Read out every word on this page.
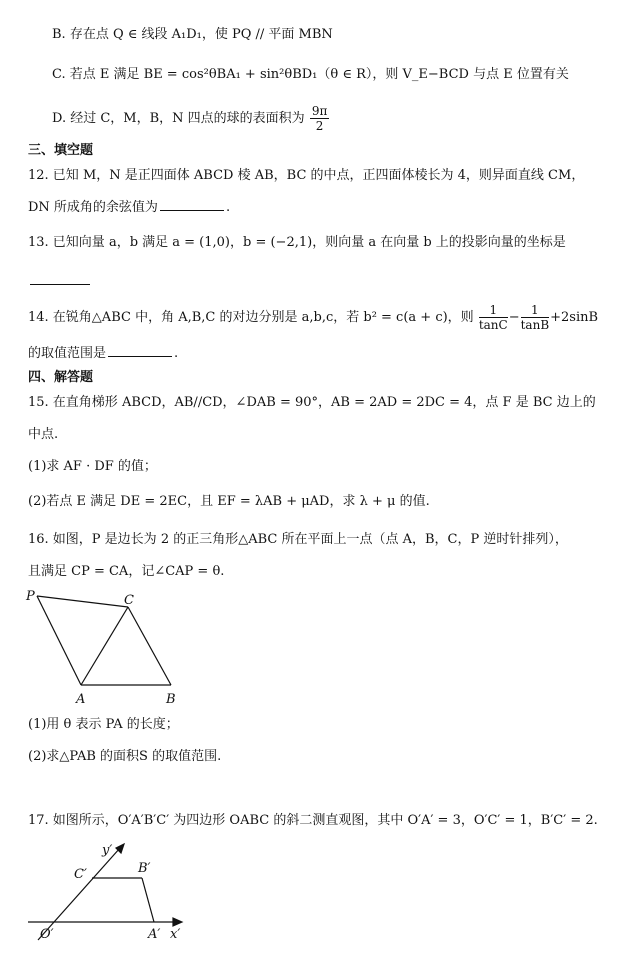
B. 存在点 Q ∈ 线段 A₁D₁，使 PQ // 平面 MBN
C. 若点 E 满足 BE = cos²θBA₁ + sin²θBD₁（θ ∈ R），则 V_E−BCD 与点 E 位置有关
D. 经过 C，M，B，N 四点的球的表面积为 $\frac{9\pi}{2}$
三、填空题
12. 已知 M，N 是正四面体 ABCD 棱 AB，BC 的中点，正四面体棱长为 4，则异面直线 CM，
DN 所成角的余弦值为	.
13. 已知向量 a，b 满足 a = (1,0)，b = (−2,1)，则向量 a 在向量 b 上的投影向量的坐标是
14. 在锐角△ABC 中，角 A,B,C 的对边分别是 a,b,c，若 b² = c(a + c)，则 $\frac{1}{\tan C} - \frac{1}{\tan B} +2\sin B$
的取值范围是	.
四、解答题
15. 在直角梯形 ABCD，AB//CD，∠DAB = 90°，AB = 2AD = 2DC = 4，点 F 是 BC 边上的
中点.
(1)求 AF · DF 的值；
(2)若点 E 满足 DE = 2EC，且 EF = λAB + μAD，求 λ + μ 的值.
16. 如图，P 是边长为 2 的正三角形△ABC 所在平面上一点（点 A，B，C，P 逆时针排列），
且满足 CP = CA，记∠CAP = θ.
P	C
A	B
(1)用 θ 表示 PA 的长度；
(2)求△PAB 的面积S 的取值范围.
17. 如图所示，O′A′B′C′ 为四边形 OABC 的斜二测直观图，其中 O′A′ = 3，O′C′ = 1，B′C′ = 2.
y′
C′	B′
O′	A′ x′
